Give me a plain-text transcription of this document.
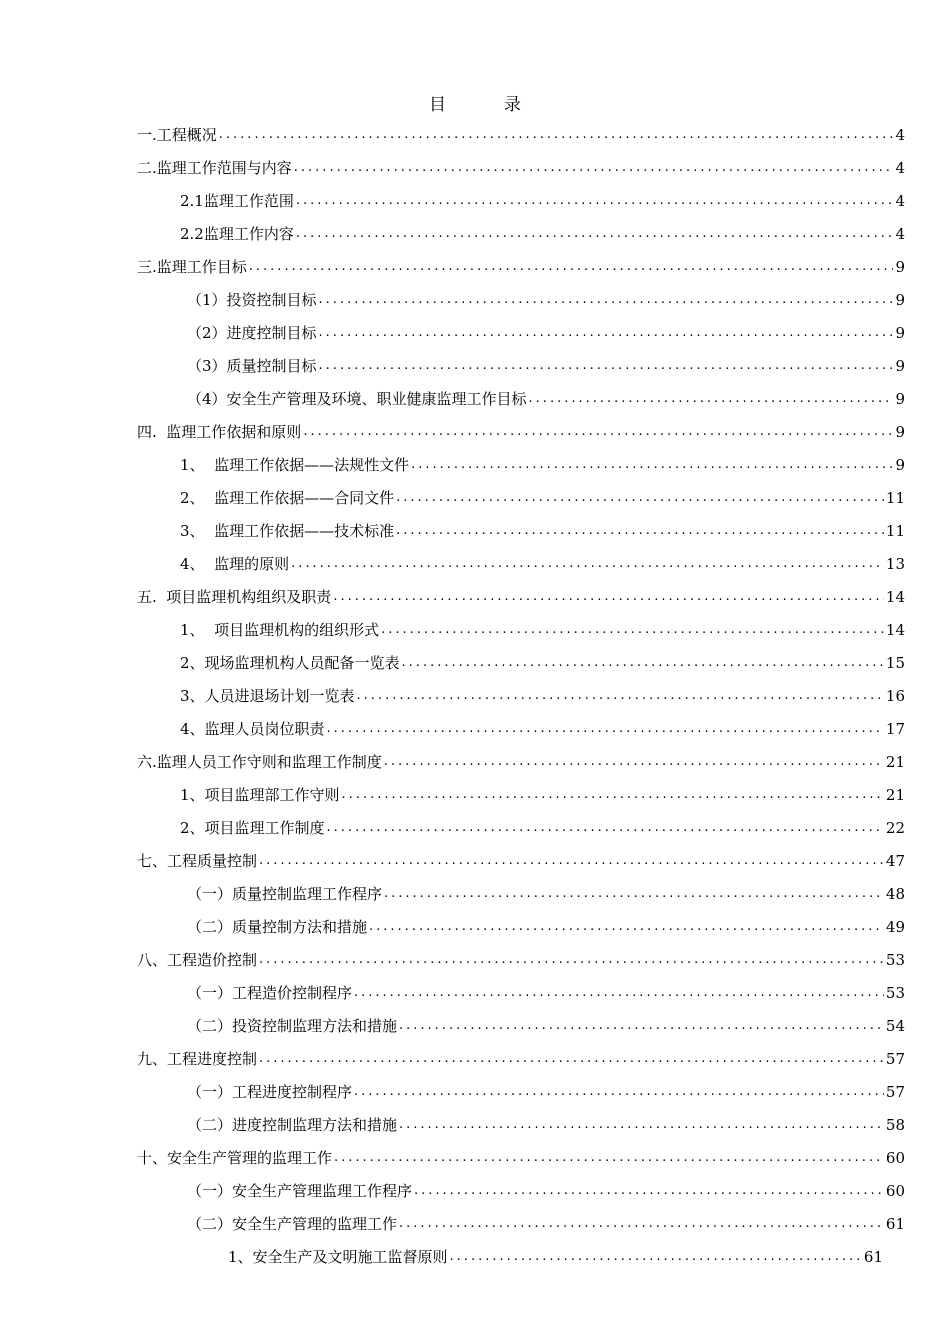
目	录
一.工程概况 .....	4
二.监理工作范围与内容 .....	4
2.1监理工作范围 .....	4
2.2监理工作内容 .....	4
三.监理工作目标 .....	9
（1）投资控制目标 .....	9
（2）进度控制目标 .....	9
（3）质量控制目标 .....	9
（4）安全生产管理及环境、职业健康监理工作目标 .....	9
四.  监理工作依据和原则 .....	9
1、  监理工作依据——法规性文件 .....	9
2、  监理工作依据——合同文件 .....	11
3、  监理工作依据——技术标准 .....	11
4、  监理的原则 .....	13
五.  项目监理机构组织及职责 .....	14
1、  项目监理机构的组织形式 .....	14
2、现场监理机构人员配备一览表 .....	15
3、人员进退场计划一览表 .....	16
4、监理人员岗位职责 .....	17
六.监理人员工作守则和监理工作制度 .....	21
1、项目监理部工作守则 .....	21
2、项目监理工作制度 .....	22
七、工程质量控制 .....	47
（一）质量控制监理工作程序 .....	48
（二）质量控制方法和措施 .....	49
八、工程造价控制 .....	53
（一）工程造价控制程序 .....	53
（二）投资控制监理方法和措施 .....	54
九、工程进度控制 .....	57
（一）工程进度控制程序 .....	57
（二）进度控制监理方法和措施 .....	58
十、安全生产管理的监理工作 .....	60
（一）安全生产管理监理工作程序 .....	60
（二）安全生产管理的监理工作 .....	61
1、安全生产及文明施工监督原则 .....	61
